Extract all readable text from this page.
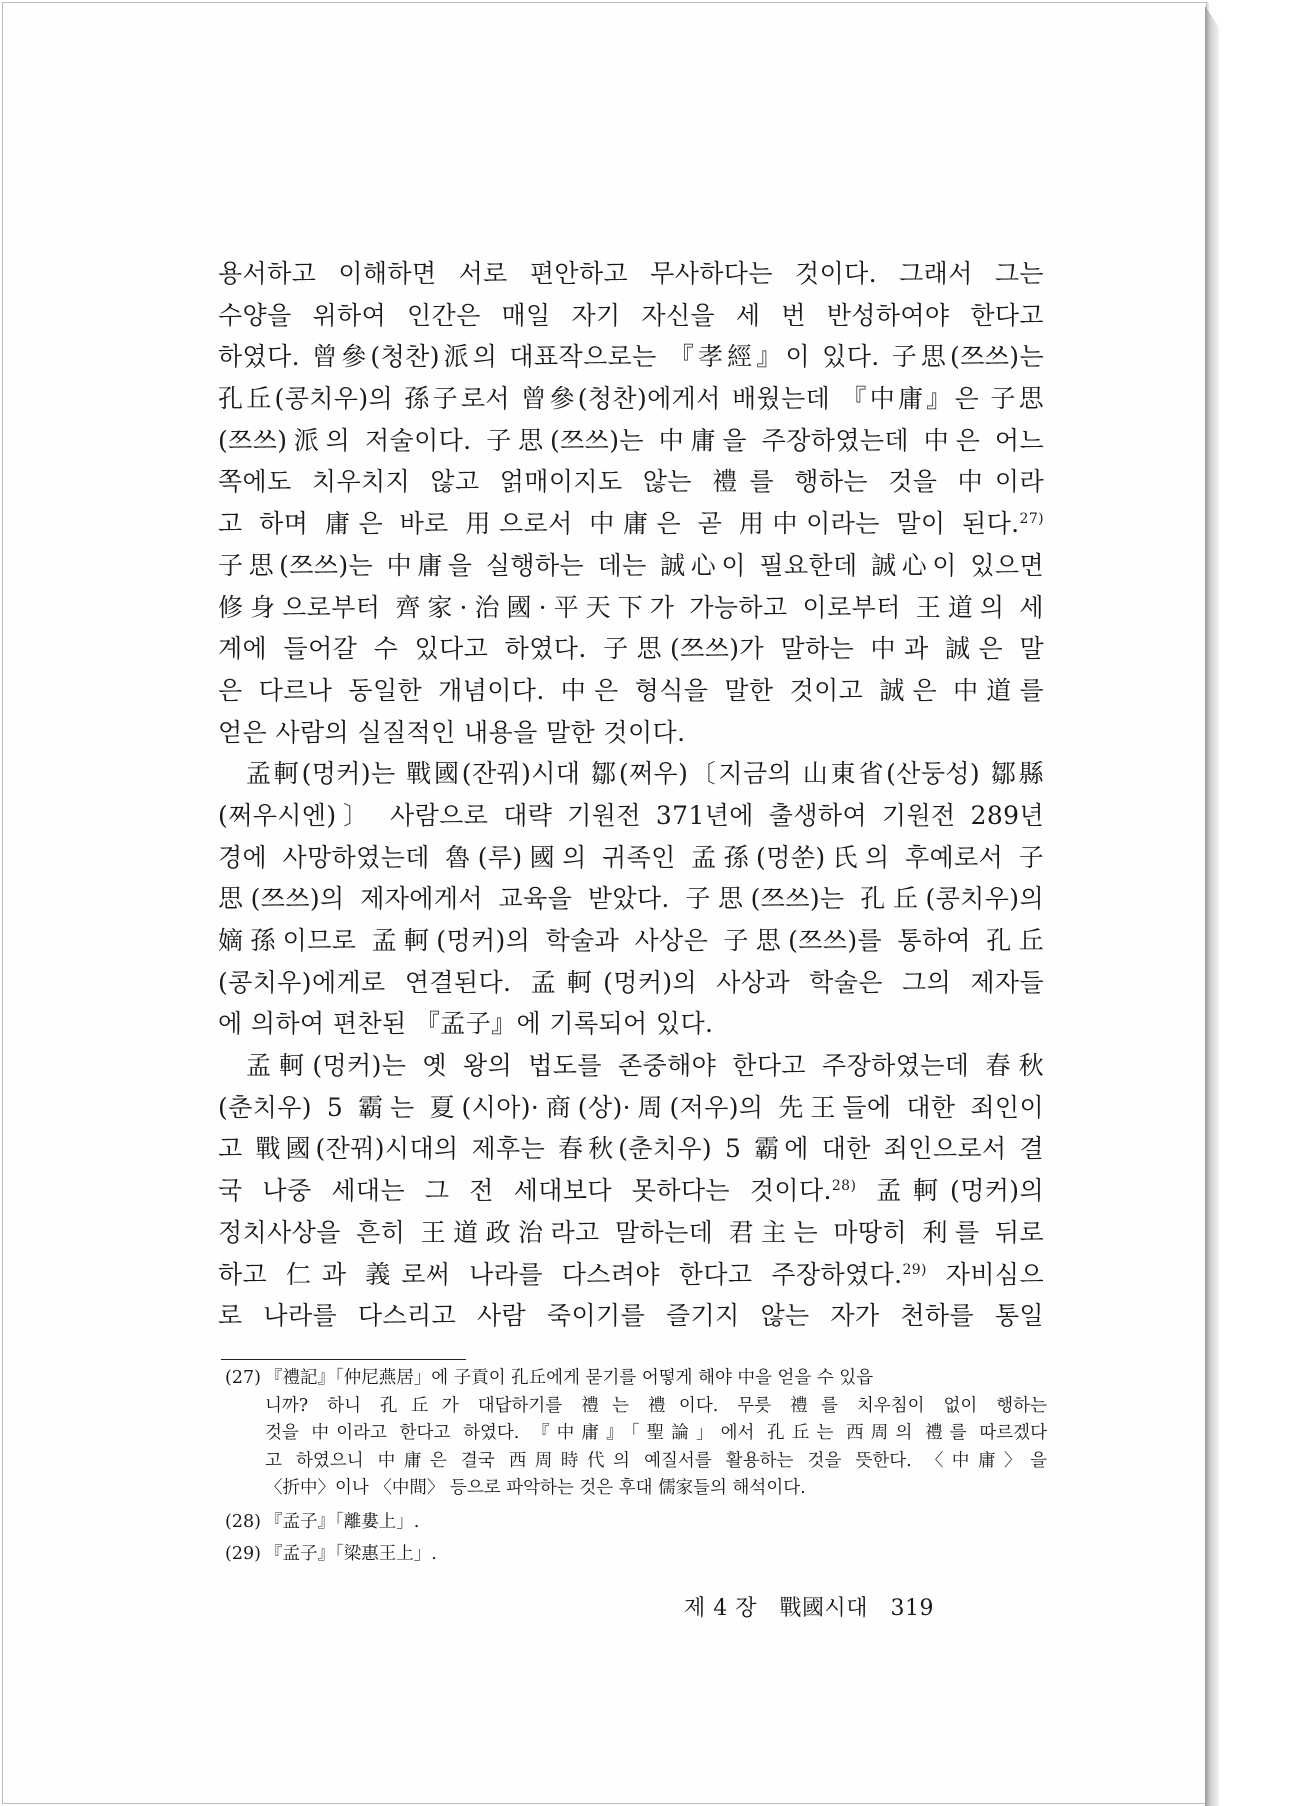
용서하고 이해하면 서로 편안하고 무사하다는 것이다. 그래서 그는
수양을 위하여 인간은 매일 자기 자신을 세 번 반성하여야 한다고
하였다. 曾參(청찬)派의 대표작으로는 『孝經』이 있다. 子思(쯔쓰)는
孔丘(콩치우)의 孫子로서 曾參(청찬)에게서 배웠는데 『中庸』은 子思
(쯔쓰)派의 저술이다. 子思(쯔쓰)는 中庸을 주장하였는데 中은 어느
쪽에도 치우치지 않고 얽매이지도 않는 禮를 행하는 것을 中이라
고 하며 庸은 바로 用으로서 中庸은 곧 用中이라는 말이 된다.$^{27)}$
子思(쯔쓰)는 中庸을 실행하는 데는 誠心이 필요한데 誠心이 있으면
修身으로부터 齊家·治國·平天下가 가능하고 이로부터 王道의 세
계에 들어갈 수 있다고 하였다. 子思(쯔쓰)가 말하는 中과 誠은 말
은 다르나 동일한 개념이다. 中은 형식을 말한 것이고 誠은 中道를
얻은 사람의 실질적인 내용을 말한 것이다.
孟軻(멍커)는 戰國(잔꿔)시대 鄒(쩌우)〔지금의 山東省(산둥성) 鄒縣
(쩌우시엔)〕 사람으로 대략 기원전 371년에 출생하여 기원전 289년
경에 사망하였는데 魯(루)國의 귀족인 孟孫(멍쑨)氏의 후예로서 子
思(쯔쓰)의 제자에게서 교육을 받았다. 子思(쯔쓰)는 孔丘(콩치우)의
嫡孫이므로 孟軻(멍커)의 학술과 사상은 子思(쯔쓰)를 통하여 孔丘
(콩치우)에게로 연결된다. 孟軻(멍커)의 사상과 학술은 그의 제자들
에 의하여 편찬된 『孟子』에 기록되어 있다.
孟軻(멍커)는 옛 왕의 법도를 존중해야 한다고 주장하였는데 春秋
(춘치우) 5 霸는 夏(시아)·商(상)·周(저우)의 先王들에 대한 죄인이
고 戰國(잔꿔)시대의 제후는 春秋(춘치우) 5 霸에 대한 죄인으로서 결
국 나중 세대는 그 전 세대보다 못하다는 것이다.$^{28)}$ 孟軻(멍커)의
정치사상을 흔히 王道政治라고 말하는데 君主는 마땅히 利를 뒤로
하고 仁과 義로써 나라를 다스려야 한다고 주장하였다.$^{29)}$ 자비심으
로 나라를 다스리고 사람 죽이기를 즐기지 않는 자가 천하를 통일
(27) 『禮記』「仲尼燕居」에 子貢이 孔丘에게 묻기를 어떻게 해야 中을 얻을 수 있읍
니까? 하니 孔丘가 대답하기를 禮는 禮이다. 무릇 禮를 치우침이 없이 행하는
것을 中이라고 한다고 하였다. 『中庸』「聖論」에서 孔丘는 西周의 禮를 따르겠다
고 하였으니 中庸은 결국 西周時代의 예질서를 활용하는 것을 뜻한다. 〈中庸〉을
〈折中〉이나 〈中間〉 등으로 파악하는 것은 후대 儒家들의 해석이다.
(28) 『孟子』「離婁上」.
(29) 『孟子』「梁惠王上」.
제 4 장 戰國시대 319
